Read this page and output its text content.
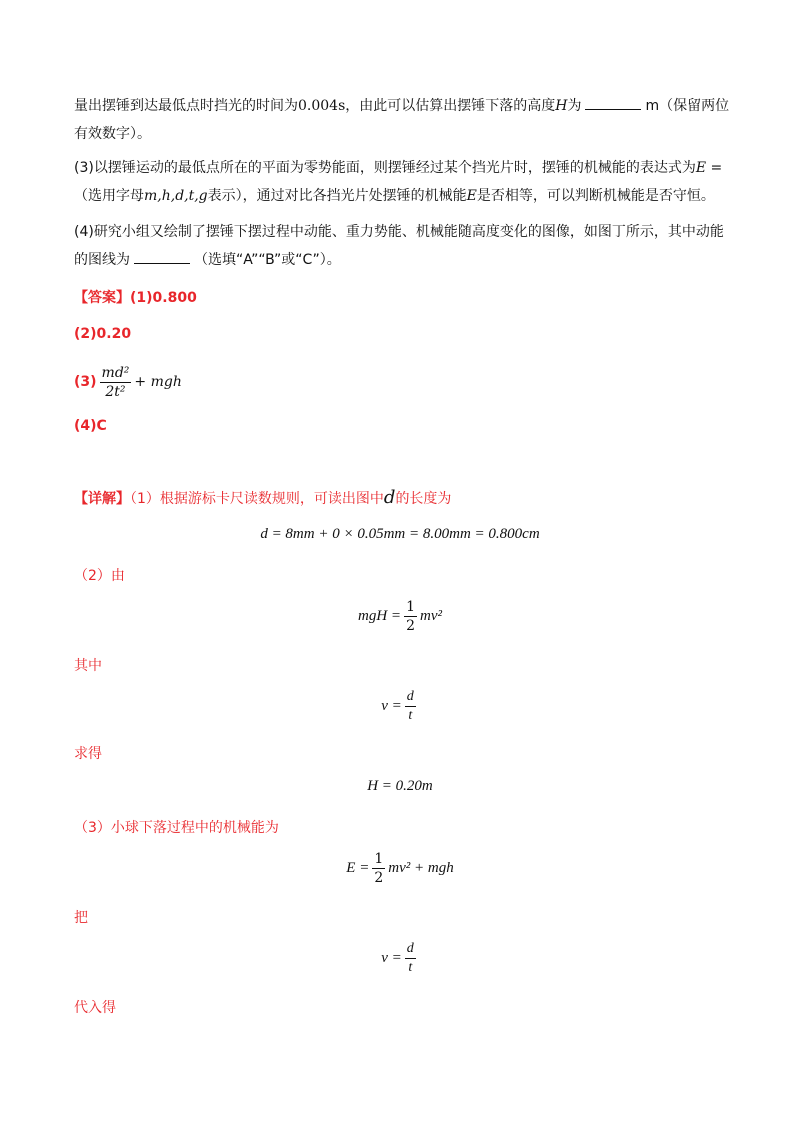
量出摆锤到达最低点时挡光的时间为0.004s，由此可以估算出摆锤下落的高度H为	m（保留两位

有效数字）。

(3)以摆锤运动的最低点所在的平面为零势能面，则摆锤经过某个挡光片时，摆锤的机械能的表达式为E =

（选用字母m,h,d,t,g表示），通过对比各挡光片处摆锤的机械能E是否相等，可以判断机械能是否守恒。

(4)研究小组又绘制了摆锤下摆过程中动能、重力势能、机械能随高度变化的图像，如图丁所示，其中动能

的图线为	（选填“A”“B”或“C”）。

【答案】(1)0.800

(2)0.20

$(3) \frac{\text{md²}}{\text{2t²}}$ + mgh

(4)C

【详解】（1）根据游标卡尺读数规则，可读出图中d的长度为

d = 8mm + 0 × 0.05mm = 8.00mm = 0.800cm

（2）由

mgH = $\frac{1}{2} mv^2$

其中

$v = \frac{d}{t}$

求得

H = 0.20m

（3）小球下落过程中的机械能为

$E = \frac{1}{2} mv^2$ + mgh

把

$v = \frac{d}{t}$

代入得
